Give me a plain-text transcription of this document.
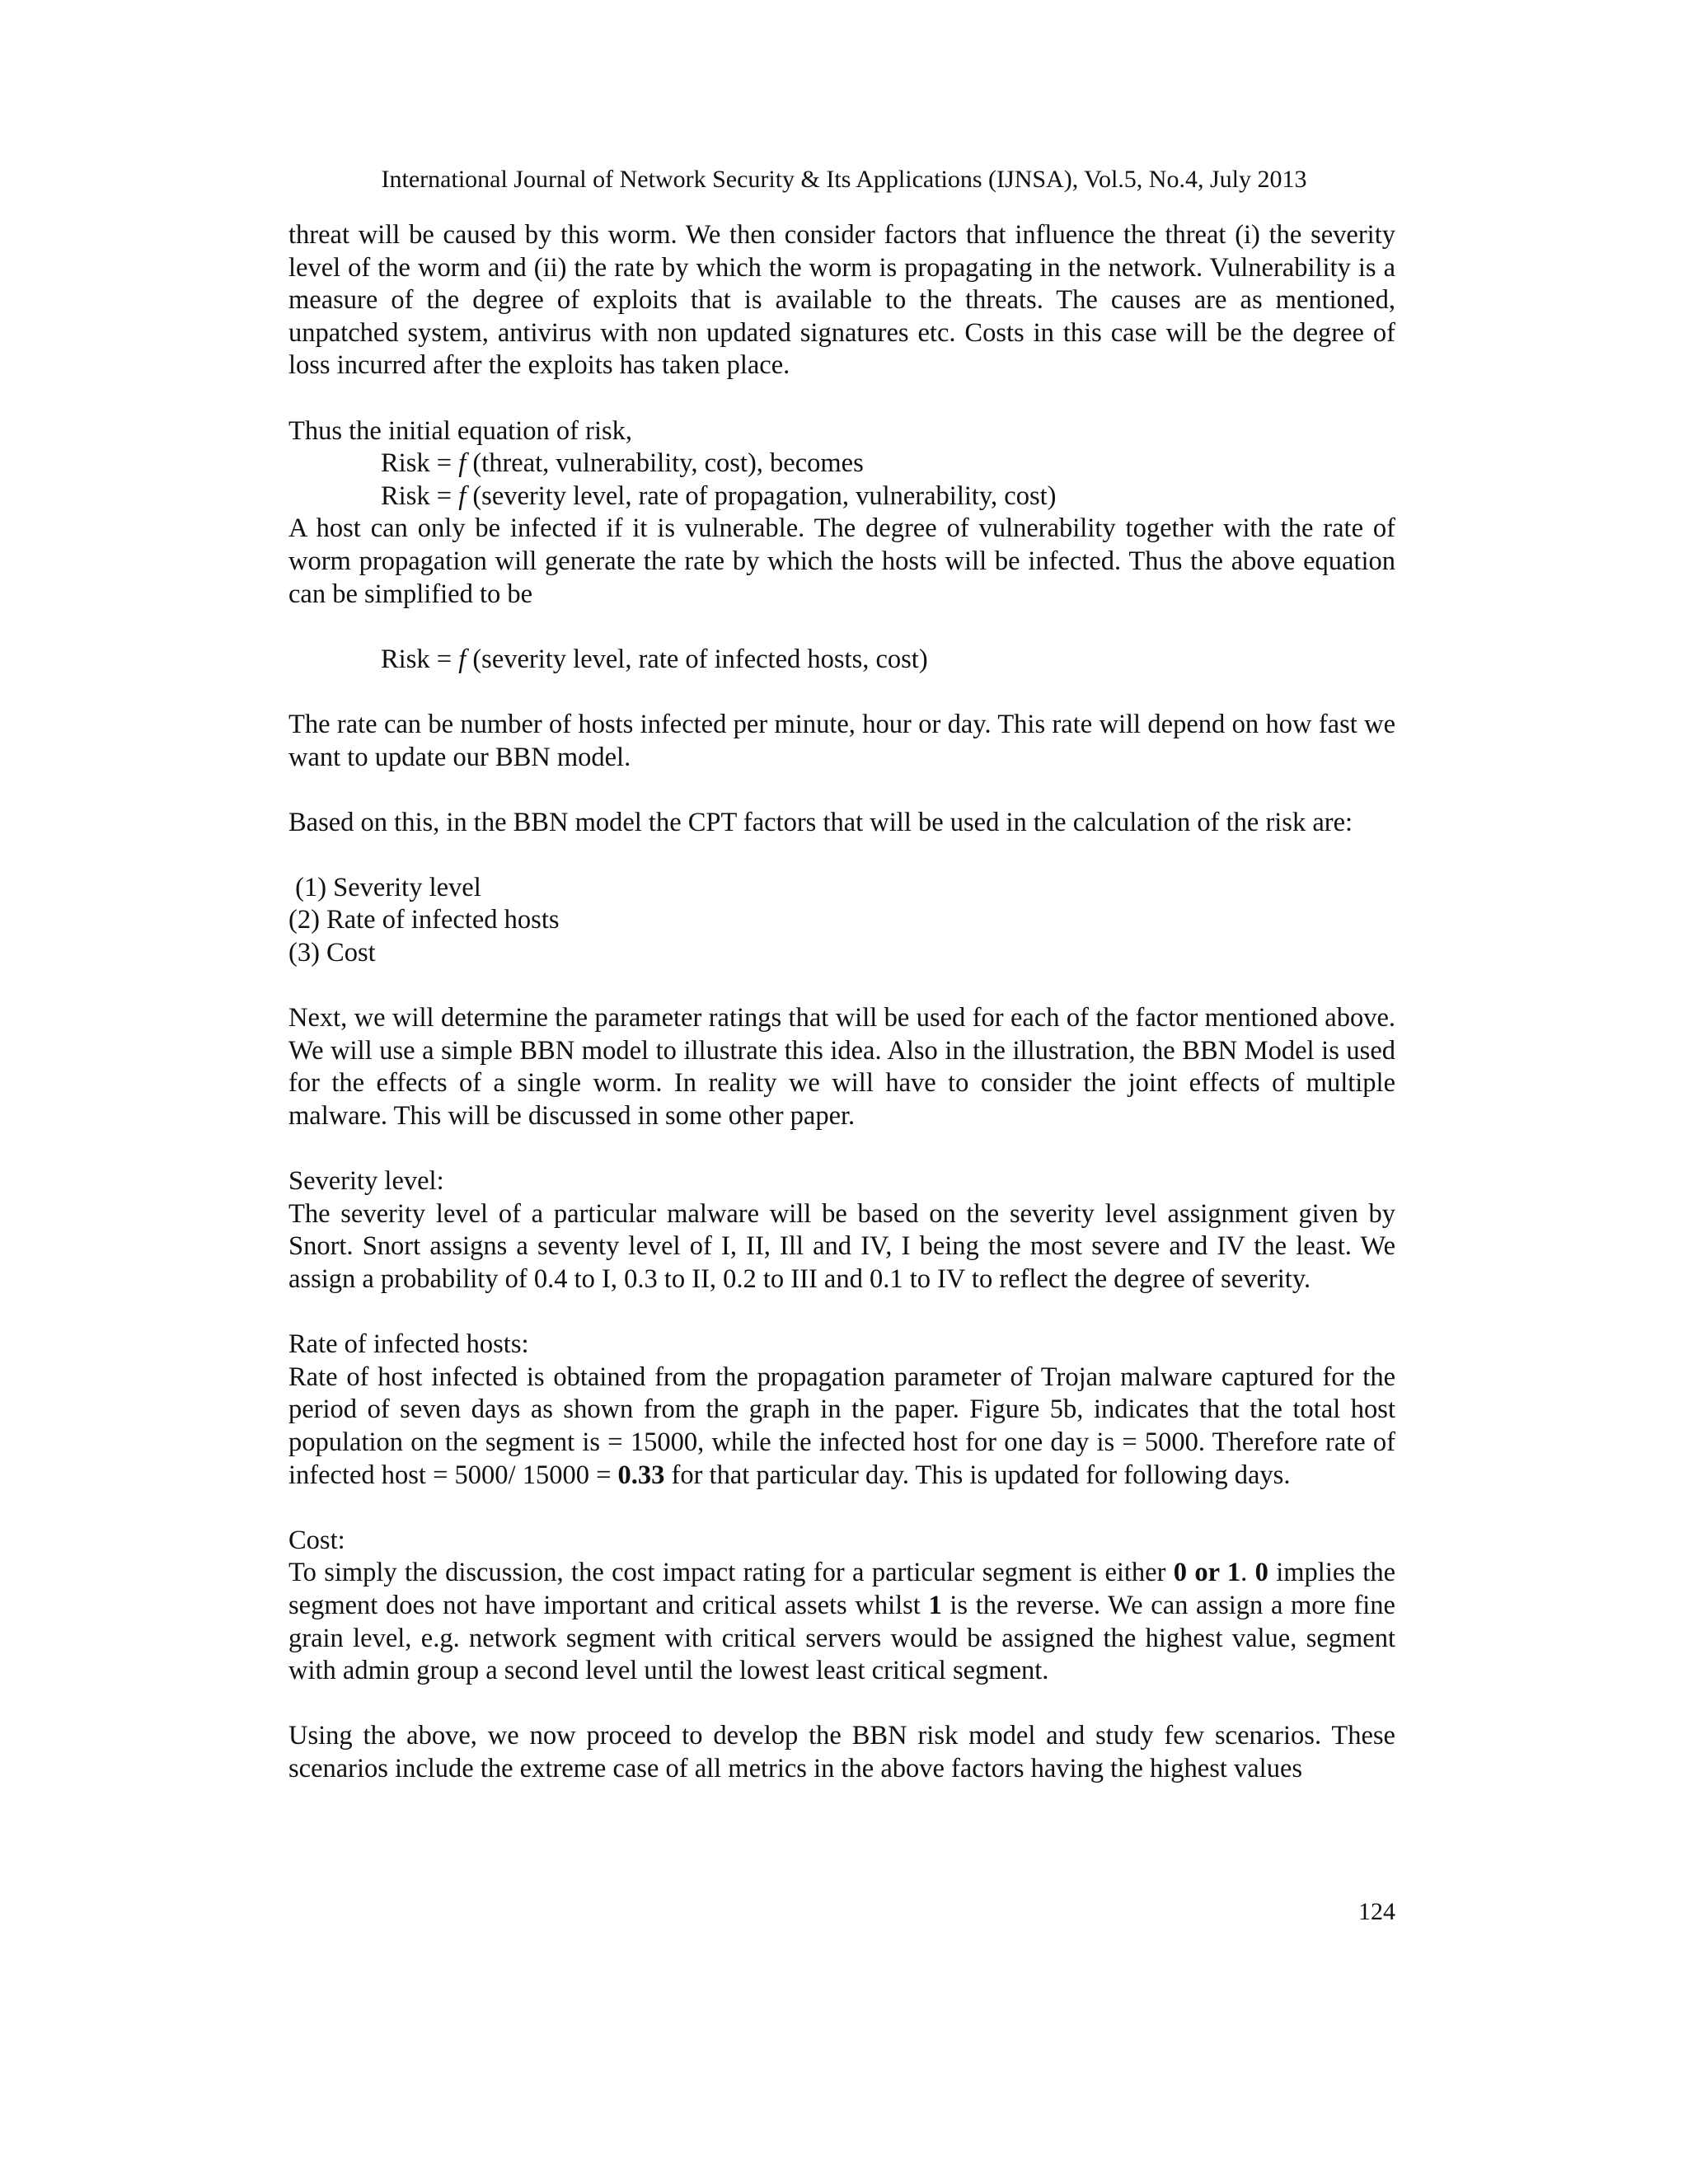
International Journal of Network Security & Its Applications (IJNSA), Vol.5, No.4, July 2013

threat will be caused by this worm. We then consider factors that influence the threat (i) the severity level of the worm and (ii) the rate by which the worm is propagating in the network. Vulnerability is a measure of the degree of exploits that is available to the threats. The causes are as mentioned, unpatched system, antivirus with non updated signatures etc. Costs in this case will be the degree of loss incurred after the exploits has taken place.

Thus the initial equation of risk,

Risk = f (threat, vulnerability, cost), becomes

Risk = f (severity level, rate of propagation, vulnerability, cost)

A host can only be infected if it is vulnerable. The degree of vulnerability together with the rate of worm propagation will generate the rate by which the hosts will be infected. Thus the above equation can be simplified to be

Risk = f (severity level, rate of infected hosts, cost)

The rate can be number of hosts infected per minute, hour or day. This rate will depend on how fast we want to update our BBN model.

Based on this, in the BBN model the CPT factors that will be used in the calculation of the risk are:

(1) Severity level

(2) Rate of infected hosts

(3) Cost

Next, we will determine the parameter ratings that will be used for each of the factor mentioned above. We will use a simple BBN model to illustrate this idea. Also in the illustration, the BBN Model is used for the effects of a single worm. In reality we will have to consider the joint effects of multiple malware. This will be discussed in some other paper.

Severity level:

The severity level of a particular malware will be based on the severity level assignment given by Snort. Snort assigns a seventy level of I, II, Ill and IV, I being the most severe and IV the least. We assign a probability of 0.4 to I, 0.3 to II, 0.2 to III and 0.1 to IV to reflect the degree of severity.

Rate of infected hosts:

Rate of host infected is obtained from the propagation parameter of Trojan malware captured for the period of seven days as shown from the graph in the paper. Figure 5b, indicates that the total host population on the segment is = 15000, while the infected host for one day is = 5000. Therefore rate of infected host = 5000/ 15000 = 0.33 for that particular day. This is updated for following days.

Cost:

To simply the discussion, the cost impact rating for a particular segment is either 0 or 1. 0 implies the segment does not have important and critical assets whilst 1 is the reverse. We can assign a more fine grain level, e.g. network segment with critical servers would be assigned the highest value, segment with admin group a second level until the lowest least critical segment.

Using the above, we now proceed to develop the BBN risk model and study few scenarios. These scenarios include the extreme case of all metrics in the above factors having the highest values

124
